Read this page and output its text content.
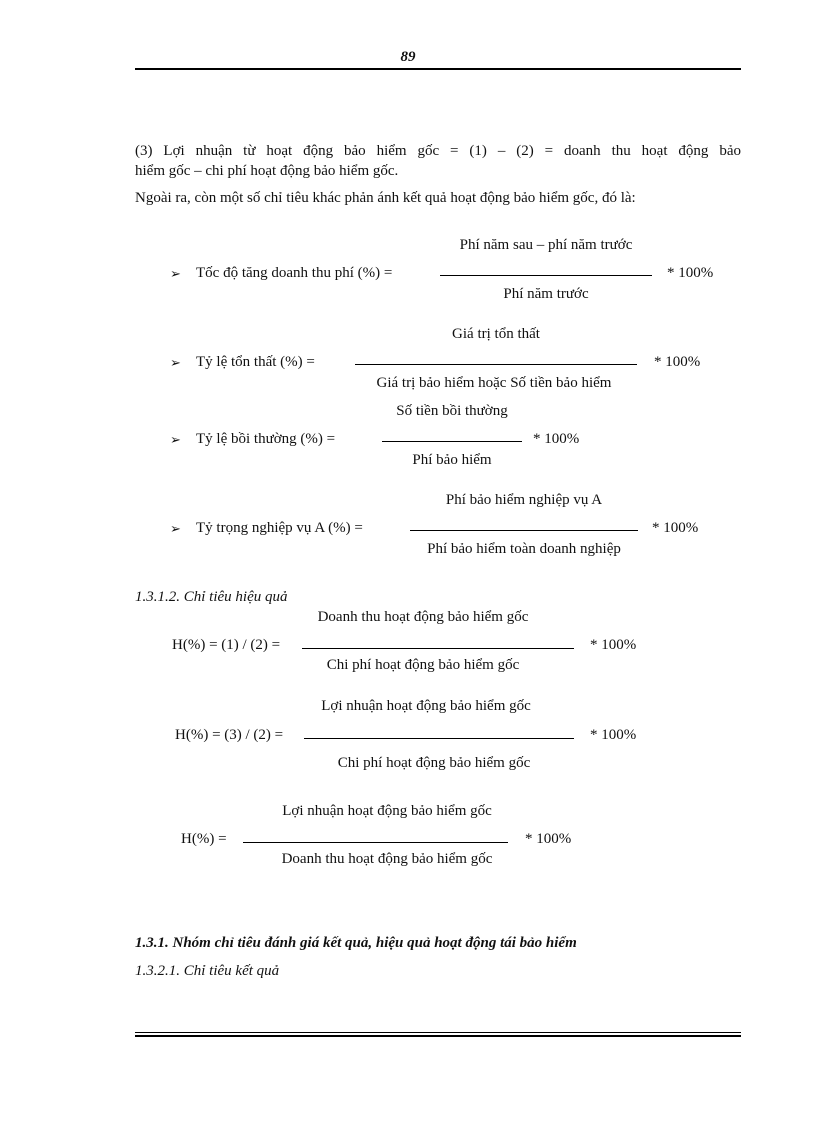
89
(3) Lợi nhuận từ hoạt động bảo hiểm gốc = (1) – (2) = doanh thu hoạt động bảo
hiểm gốc – chi phí hoạt động bảo hiểm gốc.
Ngoài ra, còn một số chỉ tiêu khác phản ánh kết quả hoạt động bảo hiểm gốc, đó là:
Phí năm sau – phí năm trước
➢ Tốc độ tăng doanh thu phí (%) =	* 100%
Phí năm trước
Giá trị tổn thất
➢ Tỷ lệ tổn thất (%) =	* 100%
Giá trị bảo hiểm hoặc Số tiền bảo hiểm
Số tiền bồi thường
➢ Tỷ lệ bồi thường (%) =	* 100%
Phí bảo hiểm
Phí bảo hiểm nghiệp vụ A
➢ Tỷ trọng nghiệp vụ A (%) =	* 100%
Phí bảo hiểm toàn doanh nghiệp
1.3.1.2. Chỉ tiêu hiệu quả
Doanh thu hoạt động bảo hiểm gốc
H(%) = (1) / (2) =	* 100%
Chi phí hoạt động bảo hiểm gốc
Lợi nhuận hoạt động bảo hiểm gốc
H(%) = (3) / (2) =	* 100%
Chi phí hoạt động bảo hiểm gốc
Lợi nhuận hoạt động bảo hiểm gốc
H(%) =	* 100%
Doanh thu hoạt động bảo hiểm gốc
1.3.1. Nhóm chỉ tiêu đánh giá kết quả, hiệu quả hoạt động tái bảo hiểm
1.3.2.1. Chỉ tiêu kết quả
